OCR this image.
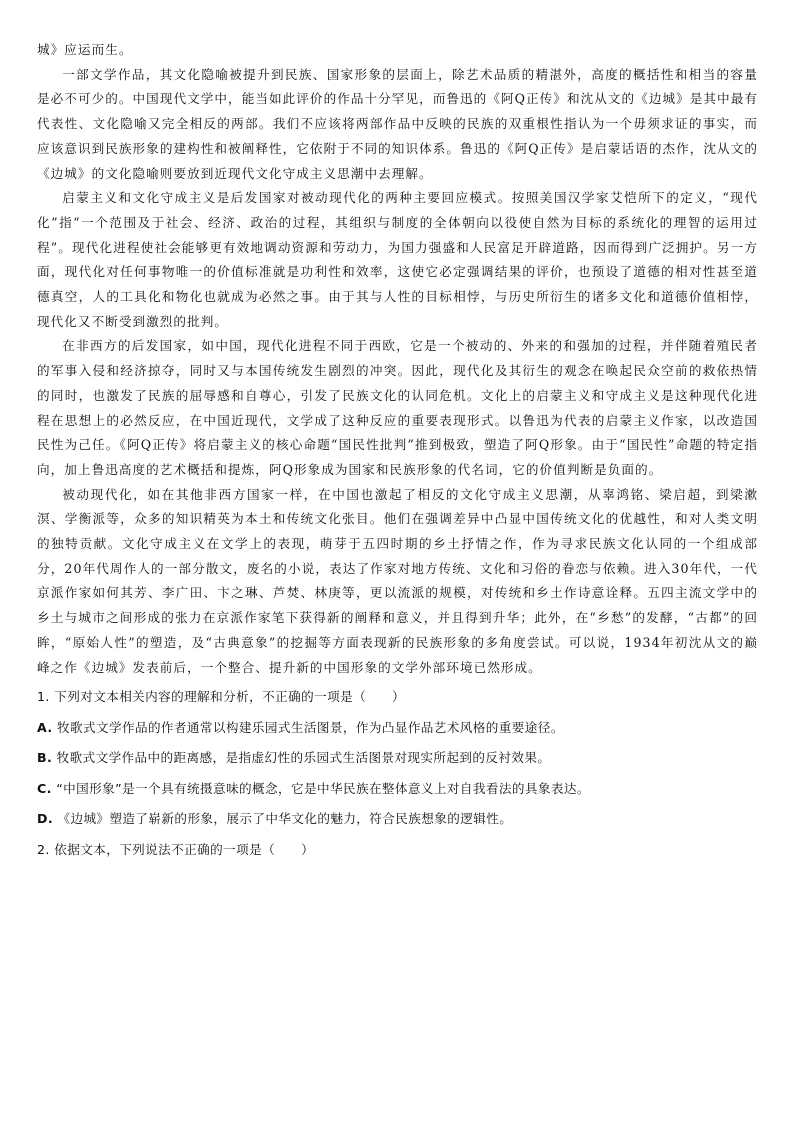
城》应运而生。

一部文学作品，其文化隐喻被提升到民族、国家形象的层面上，除艺术品质的精湛外，高度的概括性和相当的容量是必不可少的。中国现代文学中，能当如此评价的作品十分罕见，而鲁迅的《阿Q正传》和沈从文的《边城》是其中最有代表性、文化隐喻又完全相反的两部。我们不应该将两部作品中反映的民族的双重根性指认为一个毋须求证的事实，而应该意识到民族形象的建构性和被阐释性，它依附于不同的知识体系。鲁迅的《阿Q正传》是启蒙话语的杰作，沈从文的《边城》的文化隐喻则要放到近现代文化守成主义思潮中去理解。

启蒙主义和文化守成主义是后发国家对被动现代化的两种主要回应模式。按照美国汉学家艾恺所下的定义，“现代化”指“一个范围及于社会、经济、政治的过程，其组织与制度的全体朝向以役使自然为目标的系统化的理智的运用过程”。现代化进程使社会能够更有效地调动资源和劳动力，为国力强盛和人民富足开辟道路，因而得到广泛拥护。另一方面，现代化对任何事物唯一的价值标准就是功利性和效率，这使它必定强调结果的评价，也预设了道德的相对性甚至道德真空，人的工具化和物化也就成为必然之事。由于其与人性的目标相悖，与历史所衍生的诸多文化和道德价值相悖，现代化又不断受到激烈的批判。

在非西方的后发国家，如中国，现代化进程不同于西欧，它是一个被动的、外来的和强加的过程，并伴随着殖民者的军事入侵和经济掠夺，同时又与本国传统发生剧烈的冲突。因此，现代化及其衍生的观念在唤起民众空前的救依热情的同时，也激发了民族的屈辱感和自尊心，引发了民族文化的认同危机。文化上的启蒙主义和守成主义是这种现代化进程在思想上的必然反应，在中国近现代，文学成了这种反应的重要表现形式。以鲁迅为代表的启蒙主义作家，以改造国民性为己任。《阿Q正传》将启蒙主义的核心命题“国民性批判”推到极致，塑造了阿Q形象。由于“国民性”命题的特定指向，加上鲁迅高度的艺术概括和提炼，阿Q形象成为国家和民族形象的代名词，它的价值判断是负面的。

被动现代化，如在其他非西方国家一样，在中国也激起了相反的文化守成主义思潮，从辜鸿铭、梁启超，到梁漱溟、学衡派等，众多的知识精英为本土和传统文化张目。他们在强调差异中凸显中国传统文化的优越性，和对人类文明的独特贡献。文化守成主义在文学上的表现，萌芽于五四时期的乡土抒情之作，作为寻求民族文化认同的一个组成部分，20年代周作人的一部分散文，废名的小说，表达了作家对地方传统、文化和习俗的眷恋与依赖。进入30年代，一代京派作家如何其芳、李广田、卞之琳、芦焚、林庚等，更以流派的规模，对传统和乡土作诗意诠释。五四主流文学中的乡土与城市之间形成的张力在京派作家笔下获得新的阐释和意义，并且得到升华；此外，在“乡愁”的发酵，“古都”的回眸，“原始人性”的塑造，及“古典意象”的挖掘等方面表现新的民族形象的多角度尝试。可以说，1934年初沈从文的巅峰之作《边城》发表前后，一个整合、提升新的中国形象的文学外部环境已然形成。

1. 下列对文本相关内容的理解和分析，不正确的一项是（　　）

A. 牧歌式文学作品的作者通常以构建乐园式生活图景，作为凸显作品艺术风格的重要途径。

B. 牧歌式文学作品中的距离感，是指虚幻性的乐园式生活图景对现实所起到的反衬效果。

C. “中国形象”是一个具有统摄意味的概念，它是中华民族在整体意义上对自我看法的具象表达。

D. 《边城》塑造了崭新的形象，展示了中华文化的魅力，符合民族想象的逻辑性。

2. 依据文本，下列说法不正确的一项是（　　）
